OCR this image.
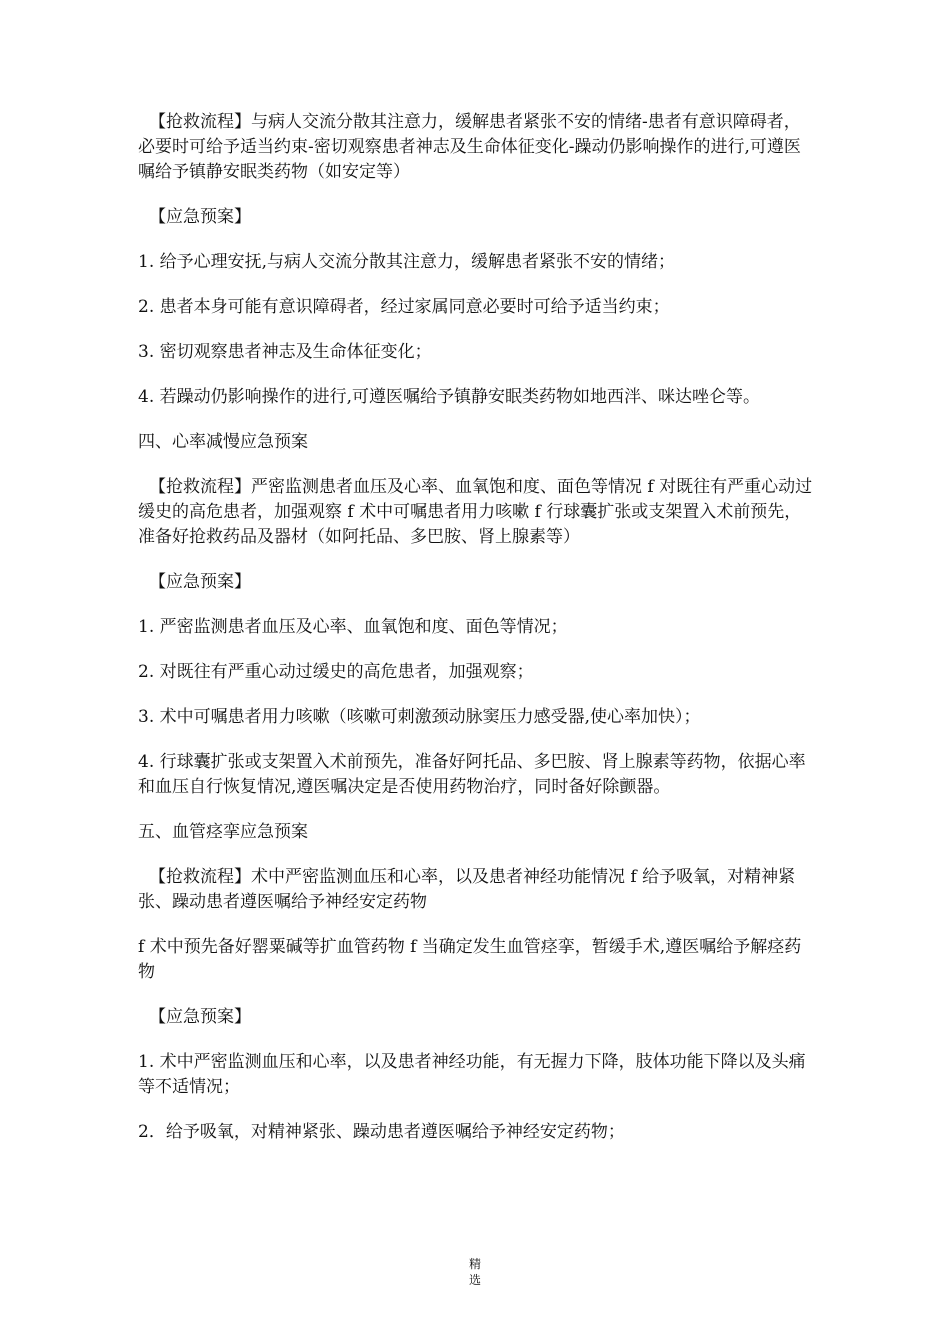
【抢救流程】与病人交流分散其注意力，缓解患者紧张不安的情绪-患者有意识障碍者，必要时可给予适当约束-密切观察患者神志及生命体征变化-躁动仍影响操作的进行,可遵医嘱给予镇静安眠类药物（如安定等）

【应急预案】

1. 给予心理安抚,与病人交流分散其注意力，缓解患者紧张不安的情绪；

2. 患者本身可能有意识障碍者，经过家属同意必要时可给予适当约束；

3. 密切观察患者神志及生命体征变化；

4. 若躁动仍影响操作的进行,可遵医嘱给予镇静安眠类药物如地西泮、咪达唑仑等。

四、心率减慢应急预案

【抢救流程】严密监测患者血压及心率、血氧饱和度、面色等情况 f 对既往有严重心动过缓史的高危患者，加强观察 f 术中可嘱患者用力咳嗽 f 行球囊扩张或支架置入术前预先，准备好抢救药品及器材（如阿托品、多巴胺、肾上腺素等）

【应急预案】

1. 严密监测患者血压及心率、血氧饱和度、面色等情况；

2. 对既往有严重心动过缓史的高危患者，加强观察；

3. 术中可嘱患者用力咳嗽（咳嗽可刺激颈动脉窦压力感受器,使心率加快）；

4. 行球囊扩张或支架置入术前预先，准备好阿托品、多巴胺、肾上腺素等药物，依据心率和血压自行恢复情况,遵医嘱决定是否使用药物治疗，同时备好除颤器。

五、血管痉挛应急预案

【抢救流程】术中严密监测血压和心率，以及患者神经功能情况 f 给予吸氧，对精神紧张、躁动患者遵医嘱给予神经安定药物

f 术中预先备好罂粟碱等扩血管药物 f 当确定发生血管痉挛，暂缓手术,遵医嘱给予解痉药物

【应急预案】

1. 术中严密监测血压和心率，以及患者神经功能，有无握力下降，肢体功能下降以及头痛等不适情况；

2．给予吸氧，对精神紧张、躁动患者遵医嘱给予神经安定药物；

精
选
